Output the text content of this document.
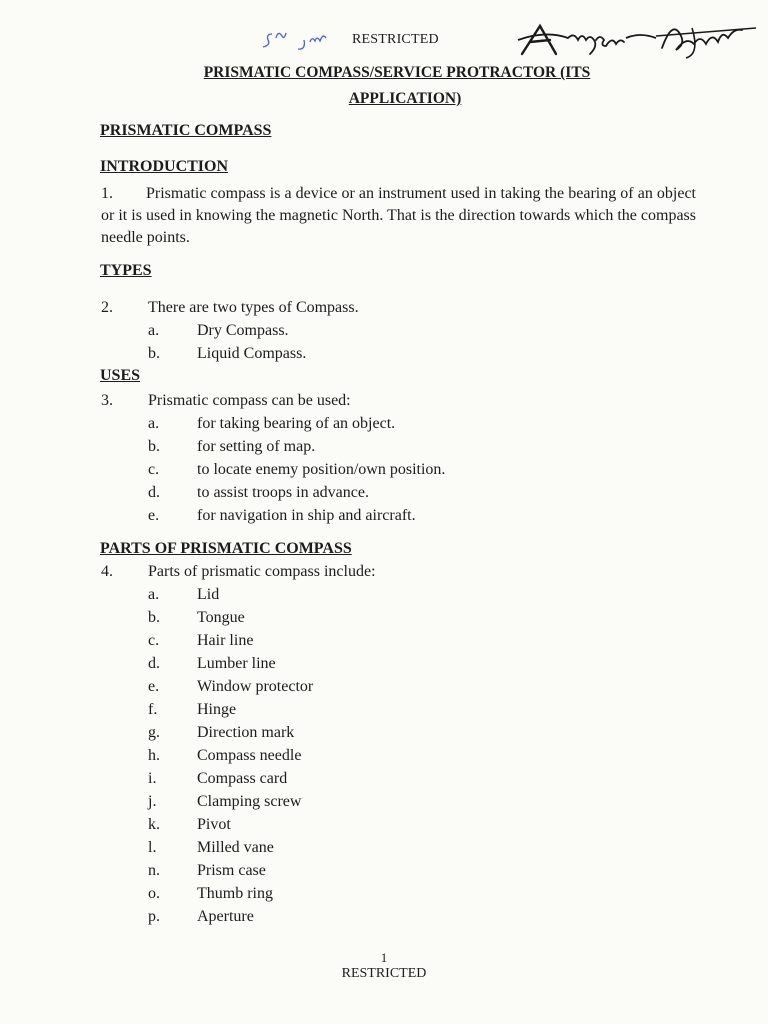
RESTRICTED
PRISMATIC COMPASS/SERVICE PROTRACTOR (ITS
APPLICATION)
PRISMATIC COMPASS
INTRODUCTION
1. Prismatic compass is a device or an instrument used in taking the bearing of an object or it is used in knowing the magnetic North. That is the direction towards which the compass needle points.
TYPES
2. There are two types of Compass.
a. Dry Compass.
b. Liquid Compass.
USES
3. Prismatic compass can be used:
a. for taking bearing of an object.
b. for setting of map.
c. to locate enemy position/own position.
d. to assist troops in advance.
e. for navigation in ship and aircraft.
PARTS OF PRISMATIC COMPASS
4. Parts of prismatic compass include:
a. Lid
b. Tongue
c. Hair line
d. Lumber line
e. Window protector
f. Hinge
g. Direction mark
h. Compass needle
i.	Compass card
j.	Clamping screw
k. Pivot
l.	Milled vane
n. Prism case
o. Thumb ring
p. Aperture
1
RESTRICTED
